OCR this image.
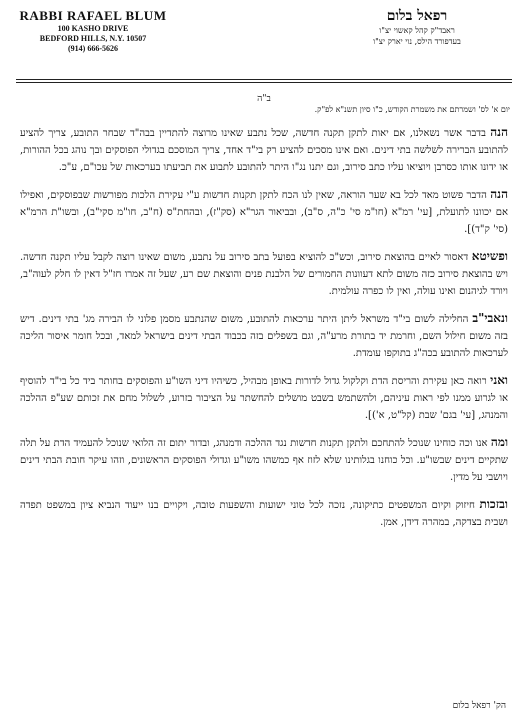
RABBI RAFAEL BLUM
100 KASHO DRIVE
BEDFORD HILLS, N.Y. 10507
(914) 666-5626
רפאל בלום
ראבד"ק קהל קאשוי יצ"ו
בעדפורד הילס, נוי יארק יצ"ו
ב"ה
יום א' לס' ושמרתם את משמרת הקודש, כ"ו סיון תשנ"א לפ"ק.

הנה בדבר אשר נשאלנו, אם יאות לתקן תקנה חדשה, שכל נתבע שאינו מרוצה להתדיין בבה"ד שבחר התובע, צריך להציע להתובע הברירה לשלשה בתי דינים. ואם אינו מסכים להציע רק בי"ד אחד, צריך המוסכם בגדולי הפוסקים ובך נוהג בכל ההורות, או ידונו אותו כסרבן ויוציאו עליו כתב סירוב, וגם יתנו נג"ו היתר להתובע לתבוע את תביעתו בערכאות של עכו"ם, ע"כ.

הנה הדבר פשוט מאד לכל בא שער הוראה, שאין לנו הכח לתקן תקנות חדשות ע"י עקירת הלכות מפורשות שבפוסקים, ואפילו אם יכוונו לתועלת, [עי' רמ"א (חו"מ סי' כ"ה, ס"ב), ובביאור הגר"א (סק"ז), ובהחת"ס (ח"ב, חו"מ סקי"ב), ובשו"ת הרמ"א (סי' ק"ד)].

ופשיטא דאסור לאיים בהוצאת סירוב, וכש"כ להוציא בפועל בתב סירוב על נתבע, משום שאינו רוצה לקבל עליו תקנה חדשה. ויש בהוצאת סירוב כזה משום לתא דעוונות החמורים של הלבנת פנים והוצאת שם רע, שעל זה אמרו חז"ל דאין לו חלק לעוה"ב, ויורד לגיהנום ואינו עולה, ואין לו כפרה עולמית.

ונאבי"ב החלילה לשום בי"ד משראל ליתן היתר ערכאות להתובע, משום שהנתבע מסמן פלוני לו הבירה מג' בתי דינים. דיש בזה משום חילול השם, וחרמת יד בתורת מרע"ה, וגם בשפלים בזה בכבוד הבתי דינים בישראל למאד, ובכל חומר איסור הליכה לערכאות להתובע בכה"ג בתוקפו עומדת.

ואני רואה כאן עקירת והריסת הדת וקלקול גדול לדורות באופן מבהיל, כשיהיו דיני השו"ע והפוסקים בחותר ביד כל בי"ד להוסיף או לגרוע ממנו לפי ראות עיניהם, ולהשתמש בשבט מושלים להחשתר על הציבור בזרוע, לשלול מחם את זכותם שע"פ ההלכה והמנהג, [עי' בגם' שבת (קל"ט, א')].

ומה אנו וכה כוחינו שנוכל להתחכם ולתקן תקנות חדשות נגד ההלכה ודמנהג, ובדור יתום זה הלואי שנוכל להעמיד הדת על תלה שתקיים דינים שבשו"ע. וכל כוחנו בגלותינו שלא לזוז אף כמשהו משו"ע וגדולי הפוסקים הראשונים, וזהו עיקר חובת הבתי דינים ויושבי על מדין.

ובזכות חיזוק וקיום המשפטים כתיקונה, נזכה לכל טוני ישועות והשפעות טובה, ויקויים בנו ייעוד הנביא ציון במשפט תפדה ושבית בצדקה, במהרה דידן, אמן.

הק' רפאל בלום
